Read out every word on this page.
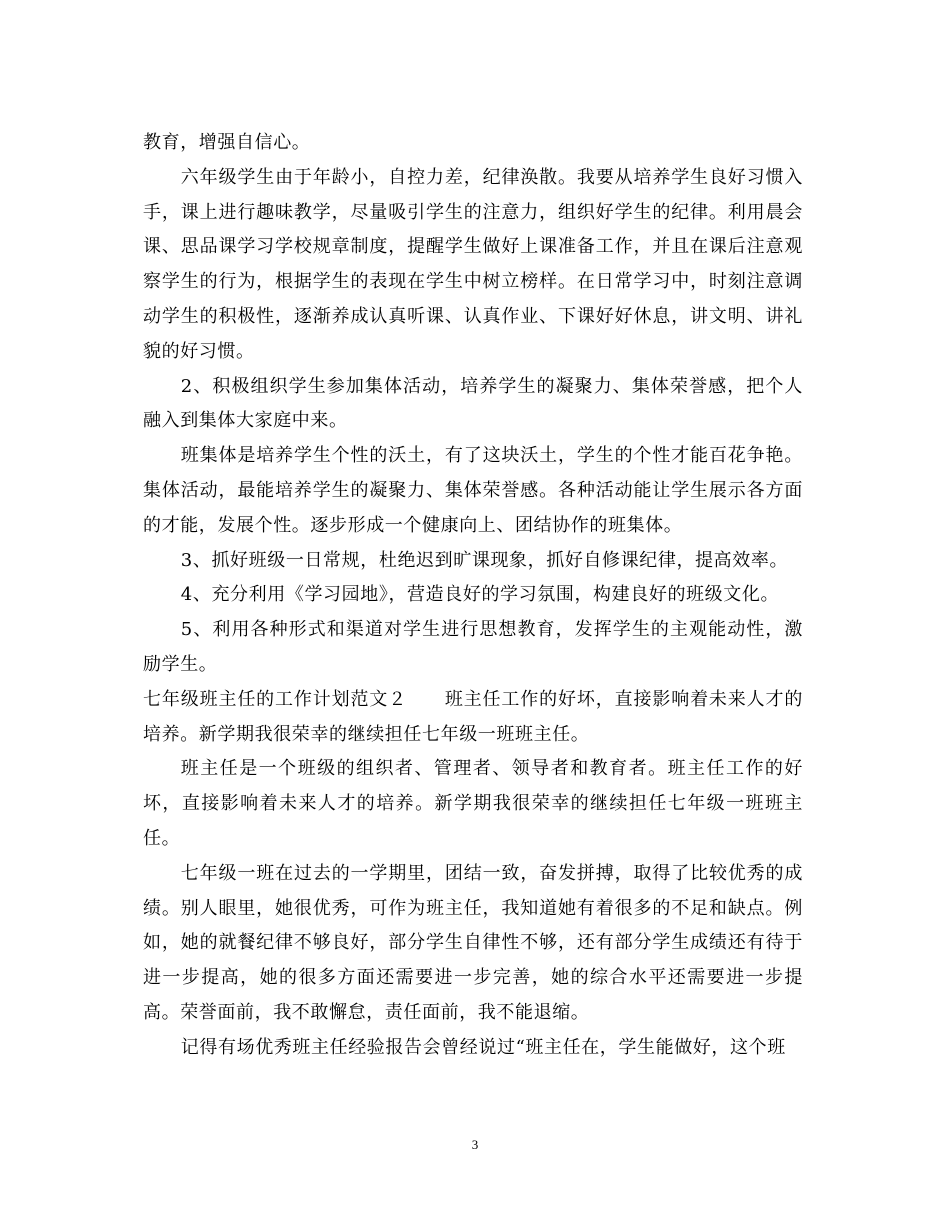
教育，增强自信心。

六年级学生由于年龄小，自控力差，纪律涣散。我要从培养学生良好习惯入手，课上进行趣味教学，尽量吸引学生的注意力，组织好学生的纪律。利用晨会课、思品课学习学校规章制度，提醒学生做好上课准备工作，并且在课后注意观察学生的行为，根据学生的表现在学生中树立榜样。在日常学习中，时刻注意调动学生的积极性，逐渐养成认真听课、认真作业、下课好好休息，讲文明、讲礼貌的好习惯。

2、积极组织学生参加集体活动，培养学生的凝聚力、集体荣誉感，把个人融入到集体大家庭中来。

班集体是培养学生个性的沃土，有了这块沃土，学生的个性才能百花争艳。集体活动，最能培养学生的凝聚力、集体荣誉感。各种活动能让学生展示各方面的才能，发展个性。逐步形成一个健康向上、团结协作的班集体。

3、抓好班级一日常规，杜绝迟到旷课现象，抓好自修课纪律，提高效率。

4、充分利用《学习园地》，营造良好的学习氛围，构建良好的班级文化。

5、利用各种形式和渠道对学生进行思想教育，发挥学生的主观能动性，激励学生。

七年级班主任的工作计划范文２　　班主任工作的好坏，直接影响着未来人才的培养。新学期我很荣幸的继续担任七年级一班班主任。

班主任是一个班级的组织者、管理者、领导者和教育者。班主任工作的好坏，直接影响着未来人才的培养。新学期我很荣幸的继续担任七年级一班班主任。

七年级一班在过去的一学期里，团结一致，奋发拼搏，取得了比较优秀的成绩。别人眼里，她很优秀，可作为班主任，我知道她有着很多的不足和缺点。例如，她的就餐纪律不够良好，部分学生自律性不够，还有部分学生成绩还有待于进一步提高，她的很多方面还需要进一步完善，她的综合水平还需要进一步提高。荣誉面前，我不敢懈怠，责任面前，我不能退缩。

记得有场优秀班主任经验报告会曾经说过“班主任在，学生能做好，这个班

3
